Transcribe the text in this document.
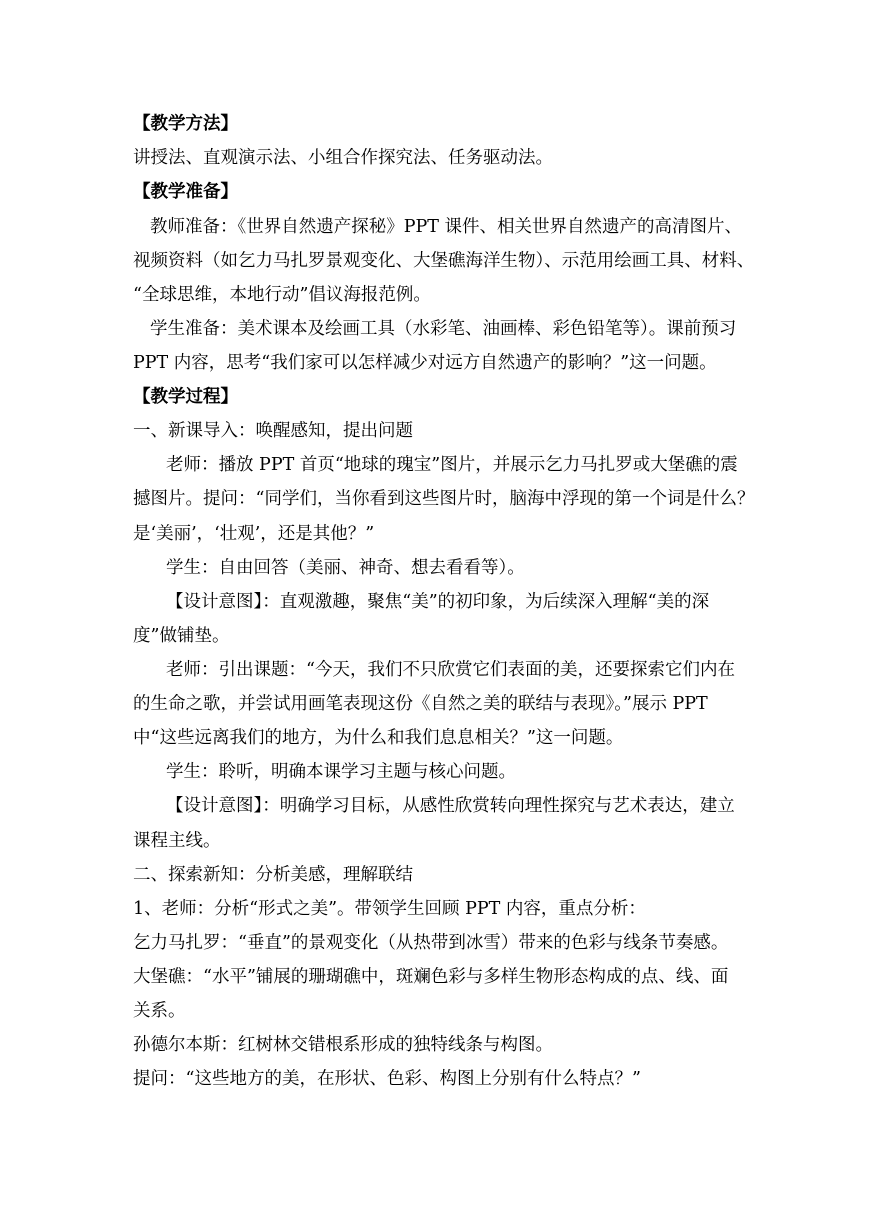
【教学方法】

讲授法、直观演示法、小组合作探究法、任务驱动法。

【教学准备】

教师准备：《世界自然遗产探秘》PPT 课件、相关世界自然遗产的高清图片、

视频资料（如乞力马扎罗景观变化、大堡礁海洋生物）、示范用绘画工具、材料、

“全球思维，本地行动”倡议海报范例。

学生准备：美术课本及绘画工具（水彩笔、油画棒、彩色铅笔等）。课前预习

PPT 内容，思考“我们家可以怎样减少对远方自然遗产的影响？”这一问题。

【教学过程】

一、新课导入：唤醒感知，提出问题

老师：播放 PPT 首页“地球的瑰宝”图片，并展示乞力马扎罗或大堡礁的震

撼图片。提问：“同学们，当你看到这些图片时，脑海中浮现的第一个词是什么？

是‘美丽’，‘壮观’，还是其他？”

学生：自由回答（美丽、神奇、想去看看等）。

【设计意图】：直观激趣，聚焦“美”的初印象，为后续深入理解“美的深

度”做铺垫。

老师：引出课题：“今天，我们不只欣赏它们表面的美，还要探索它们内在

的生命之歌，并尝试用画笔表现这份《自然之美的联结与表现》。”展示 PPT

中“这些远离我们的地方，为什么和我们息息相关？”这一问题。

学生：聆听，明确本课学习主题与核心问题。

【设计意图】：明确学习目标，从感性欣赏转向理性探究与艺术表达，建立

课程主线。

二、探索新知：分析美感，理解联结

1、老师：分析“形式之美”。带领学生回顾 PPT 内容，重点分析：

乞力马扎罗：“垂直”的景观变化（从热带到冰雪）带来的色彩与线条节奏感。

大堡礁：“水平”铺展的珊瑚礁中，斑斓色彩与多样生物形态构成的点、线、面

关系。

孙德尔本斯：红树林交错根系形成的独特线条与构图。

提问：“这些地方的美，在形状、色彩、构图上分别有什么特点？”
